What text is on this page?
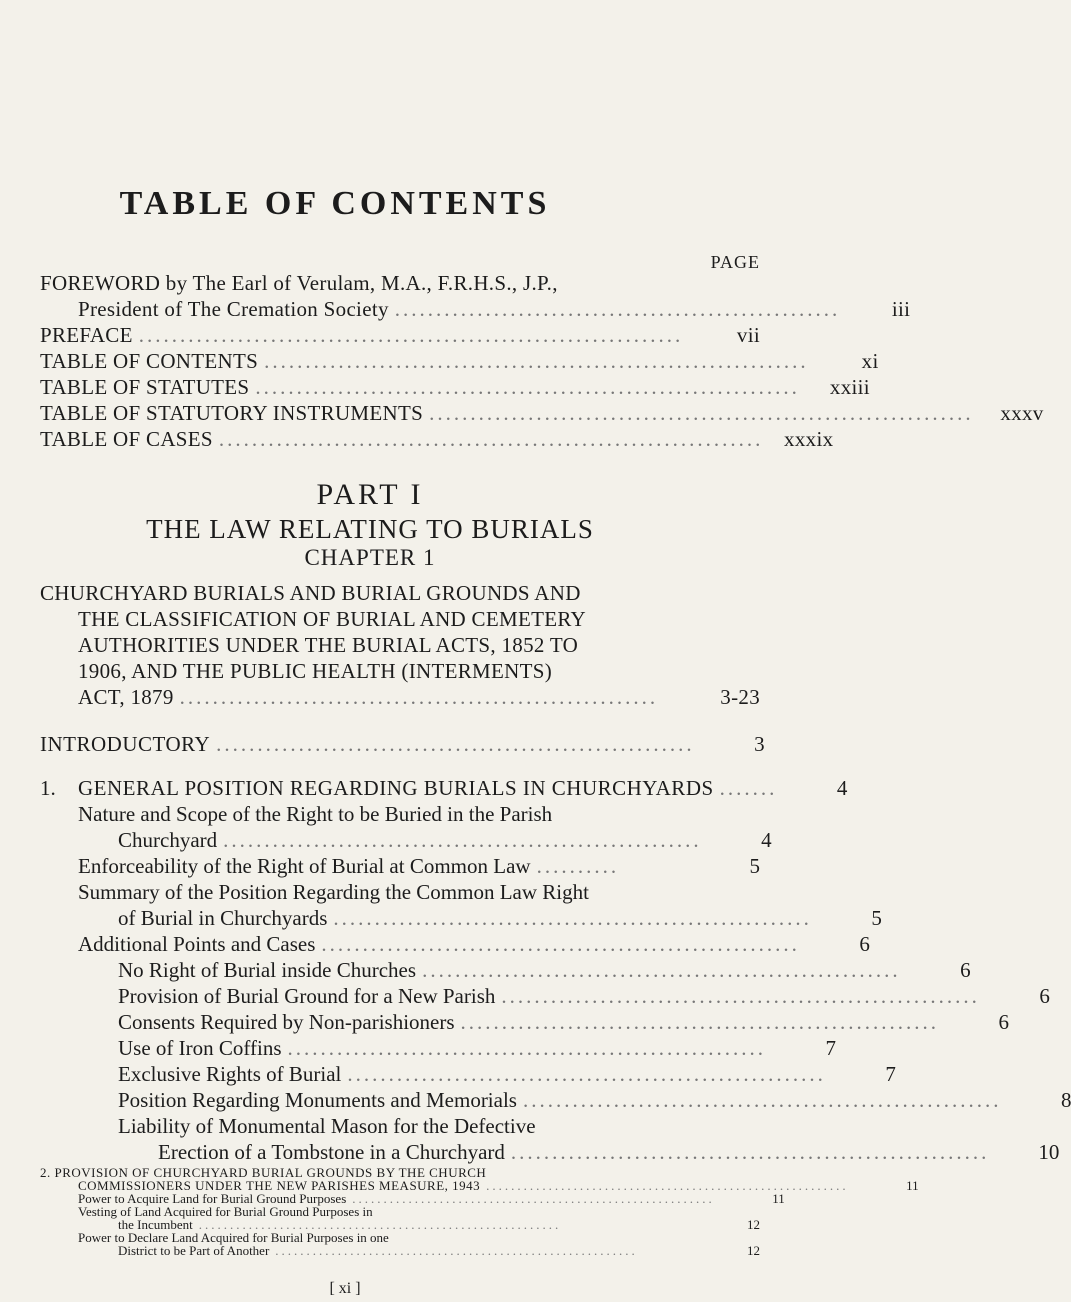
TABLE OF CONTENTS
PAGE
FOREWORD by The Earl of Verulam, M.A., F.R.H.S., J.P.,
President of The Cremation Society ......................................................	iii
PREFACE ..................................................................	vii
TABLE OF CONTENTS ..................................................................	xi
TABLE OF STATUTES ..................................................................	xxiii
TABLE OF STATUTORY INSTRUMENTS ..................................................................	xxxv
TABLE OF CASES .................................................................. xxxix
PART I
THE LAW RELATING TO BURIALS
CHAPTER 1
CHURCHYARD BURIALS AND BURIAL GROUNDS AND
THE CLASSIFICATION OF BURIAL AND CEMETERY
AUTHORITIES UNDER THE BURIAL ACTS, 1852 TO
1906, AND THE PUBLIC HEALTH (INTERMENTS)
ACT, 1879 ..........................................................	3-23
INTRODUCTORY ..........................................................	3
1.	GENERAL POSITION REGARDING BURIALS IN CHURCHYARDS .......	4
Nature and Scope of the Right to be Buried in the Parish
Churchyard ..........................................................	4
Enforceability of the Right of Burial at Common Law ..........	5
Summary of the Position Regarding the Common Law Right
of Burial in Churchyards ..........................................................	5
Additional Points and Cases ..........................................................	6
No Right of Burial inside Churches ..........................................................	6
Provision of Burial Ground for a New Parish ..........................................................	6
Consents Required by Non-parishioners ..........................................................	6
Use of Iron Coffins ..........................................................	7
Exclusive Rights of Burial ..........................................................	7
Position Regarding Monuments and Memorials ..........................................................	8
Liability of Monumental Mason for the Defective
Erection of a Tombstone in a Churchyard ..........................................................	10
[ xi ]
2. PROVISION OF CHURCHYARD BURIAL GROUNDS BY THE CHURCH
COMMISSIONERS UNDER THE NEW PARISHES MEASURE, 1943 ..........................................................	11
Power to Acquire Land for Burial Ground Purposes ..........................................................	11
Vesting of Land Acquired for Burial Ground Purposes in
the Incumbent ..........................................................	12
Power to Declare Land Acquired for Burial Purposes in one
District to be Part of Another ..........................................................	12
